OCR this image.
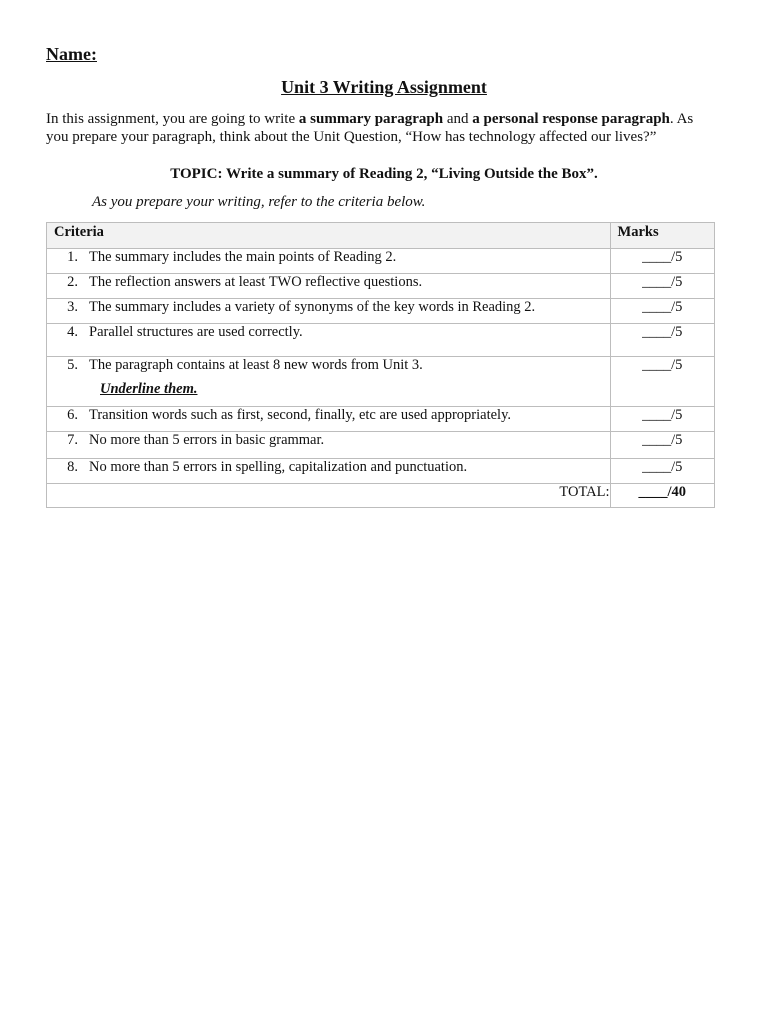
Name:
Unit 3 Writing Assignment
In this assignment, you are going to write a summary paragraph and a personal response paragraph. As you prepare your paragraph, think about the Unit Question, “How has technology affected our lives?”
TOPIC: Write a summary of Reading 2, “Living Outside the Box”.
As you prepare your writing, refer to the criteria below.
Criteria	Marks

1. The summary includes the main points of Reading 2.	____/5

2. The reflection answers at least TWO reflective questions.	____/5

3. The summary includes a variety of synonyms of the key words in Reading 2.	____/5

4. Parallel structures are used correctly.	____/5

5. The paragraph contains at least 8 new words from Unit 3.
Underline them.	____/5

6. Transition words such as first, second, finally, etc are used appropriately.	____/5

7. No more than 5 errors in basic grammar.	____/5

8. No more than 5 errors in spelling, capitalization and punctuation.	____/5
TOTAL:	____/40
